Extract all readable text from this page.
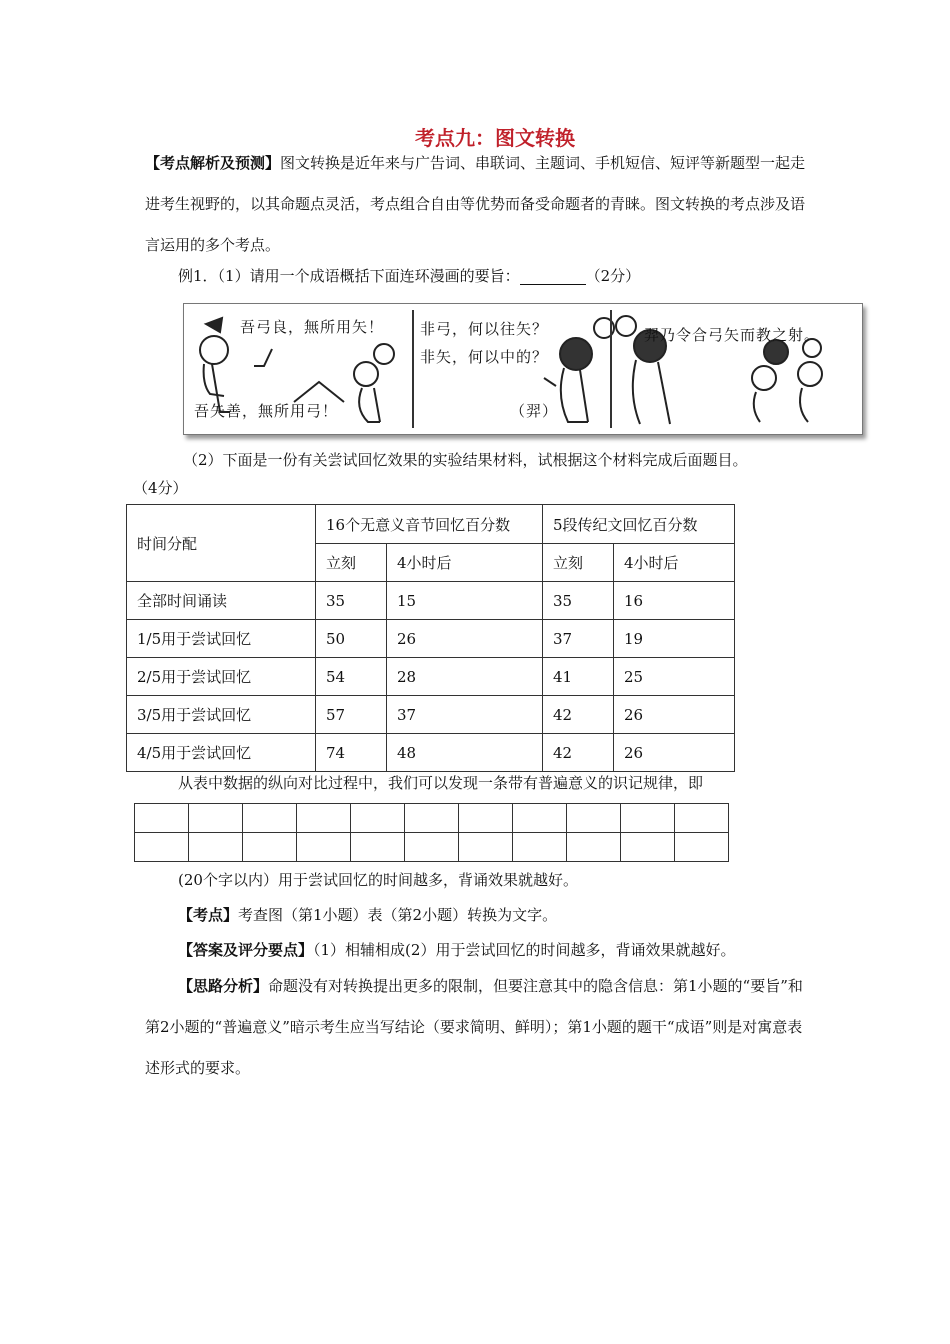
考点九：图文转换
【考点解析及预测】图文转换是近年来与广告词、串联词、主题词、手机短信、短评等新题型一起走进考生视野的，以其命题点灵活，考点组合自由等优势而备受命题者的青睐。图文转换的考点涉及语言运用的多个考点。
例1．（1）请用一个成语概括下面连环漫画的要旨：	（2分）
吾弓良，無所用矢！
吾矢善，無所用弓！
非弓，何以往矢？
非矢，何以中的？
（羿）
羿乃令合弓矢而教之射。
（2）下面是一份有关尝试回忆效果的实验结果材料，试根据这个材料完成后面题目。
（4分）
时间分配	16个无意义音节回忆百分数		5段传纪文回忆百分数	
	立刻	4小时后	立刻	4小时后
全部时间诵读	35	15	35	16
1/5用于尝试回忆	50	26	37	19
2/5用于尝试回忆	54	28	41	25
3/5用于尝试回忆	57	37	42	26
4/5用于尝试回忆	74	48	42	26
从表中数据的纵向对比过程中，我们可以发现一条带有普遍意义的识记规律，即

(20个字以内）用于尝试回忆的时间越多，背诵效果就越好。
【考点】考查图（第1小题）表（第2小题）转换为文字。
【答案及评分要点】（1）相辅相成(2）用于尝试回忆的时间越多，背诵效果就越好。
【思路分析】命题没有对转换提出更多的限制，但要注意其中的隐含信息：第1小题的“要旨”和第2小题的“普遍意义”暗示考生应当写结论（要求简明、鲜明）；第1小题的题干“成语”则是对寓意表述形式的要求。
